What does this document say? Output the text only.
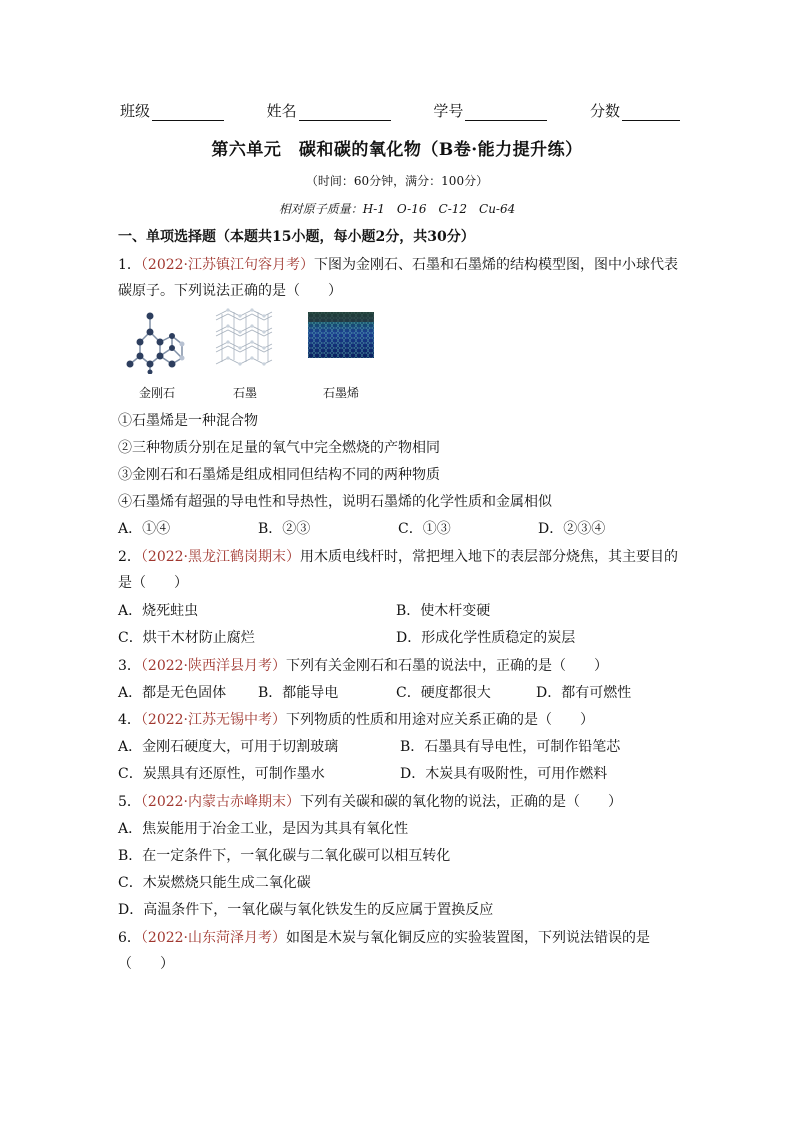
班级	姓名	学号	分数
第六单元　碳和碳的氧化物（B卷·能力提升练）
（时间：60分钟，满分：100分）
相对原子质量：H-1　O-16　C-12　Cu-64
一、单项选择题（本题共15小题，每小题2分，共30分）
1．（2022·江苏镇江句容月考）下图为金刚石、石墨和石墨烯的结构模型图，图中小球代表
碳原子。下列说法正确的是（　　）
金刚石	石墨	石墨烯
①石墨烯是一种混合物
②三种物质分别在足量的氧气中完全燃烧的产物相同
③金刚石和石墨烯是组成相同但结构不同的两种物质
④石墨烯有超强的导电性和导热性，说明石墨烯的化学性质和金属相似
A．①④	B．②③	C．①③	D．②③④
2．（2022·黑龙江鹤岗期末）用木质电线杆时，常把埋入地下的表层部分烧焦，其主要目的
是（　　）
A．烧死蛀虫	B．使木杆变硬
C．烘干木材防止腐烂	D．形成化学性质稳定的炭层
3．（2022·陕西洋县月考）下列有关金刚石和石墨的说法中，正确的是（　　）
A．都是无色固体	B．都能导电	C．硬度都很大	D．都有可燃性
4．（2022·江苏无锡中考）下列物质的性质和用途对应关系正确的是（　　）
A．金刚石硬度大，可用于切割玻璃	B．石墨具有导电性，可制作铅笔芯
C．炭黑具有还原性，可制作墨水	D．木炭具有吸附性，可用作燃料
5．（2022·内蒙古赤峰期末）下列有关碳和碳的氧化物的说法，正确的是（　　）
A．焦炭能用于冶金工业，是因为其具有氧化性
B．在一定条件下，一氧化碳与二氧化碳可以相互转化
C．木炭燃烧只能生成二氧化碳
D．高温条件下，一氧化碳与氧化铁发生的反应属于置换反应
6．（2022·山东菏泽月考）如图是木炭与氧化铜反应的实验装置图，下列说法错误的是
（　　）
